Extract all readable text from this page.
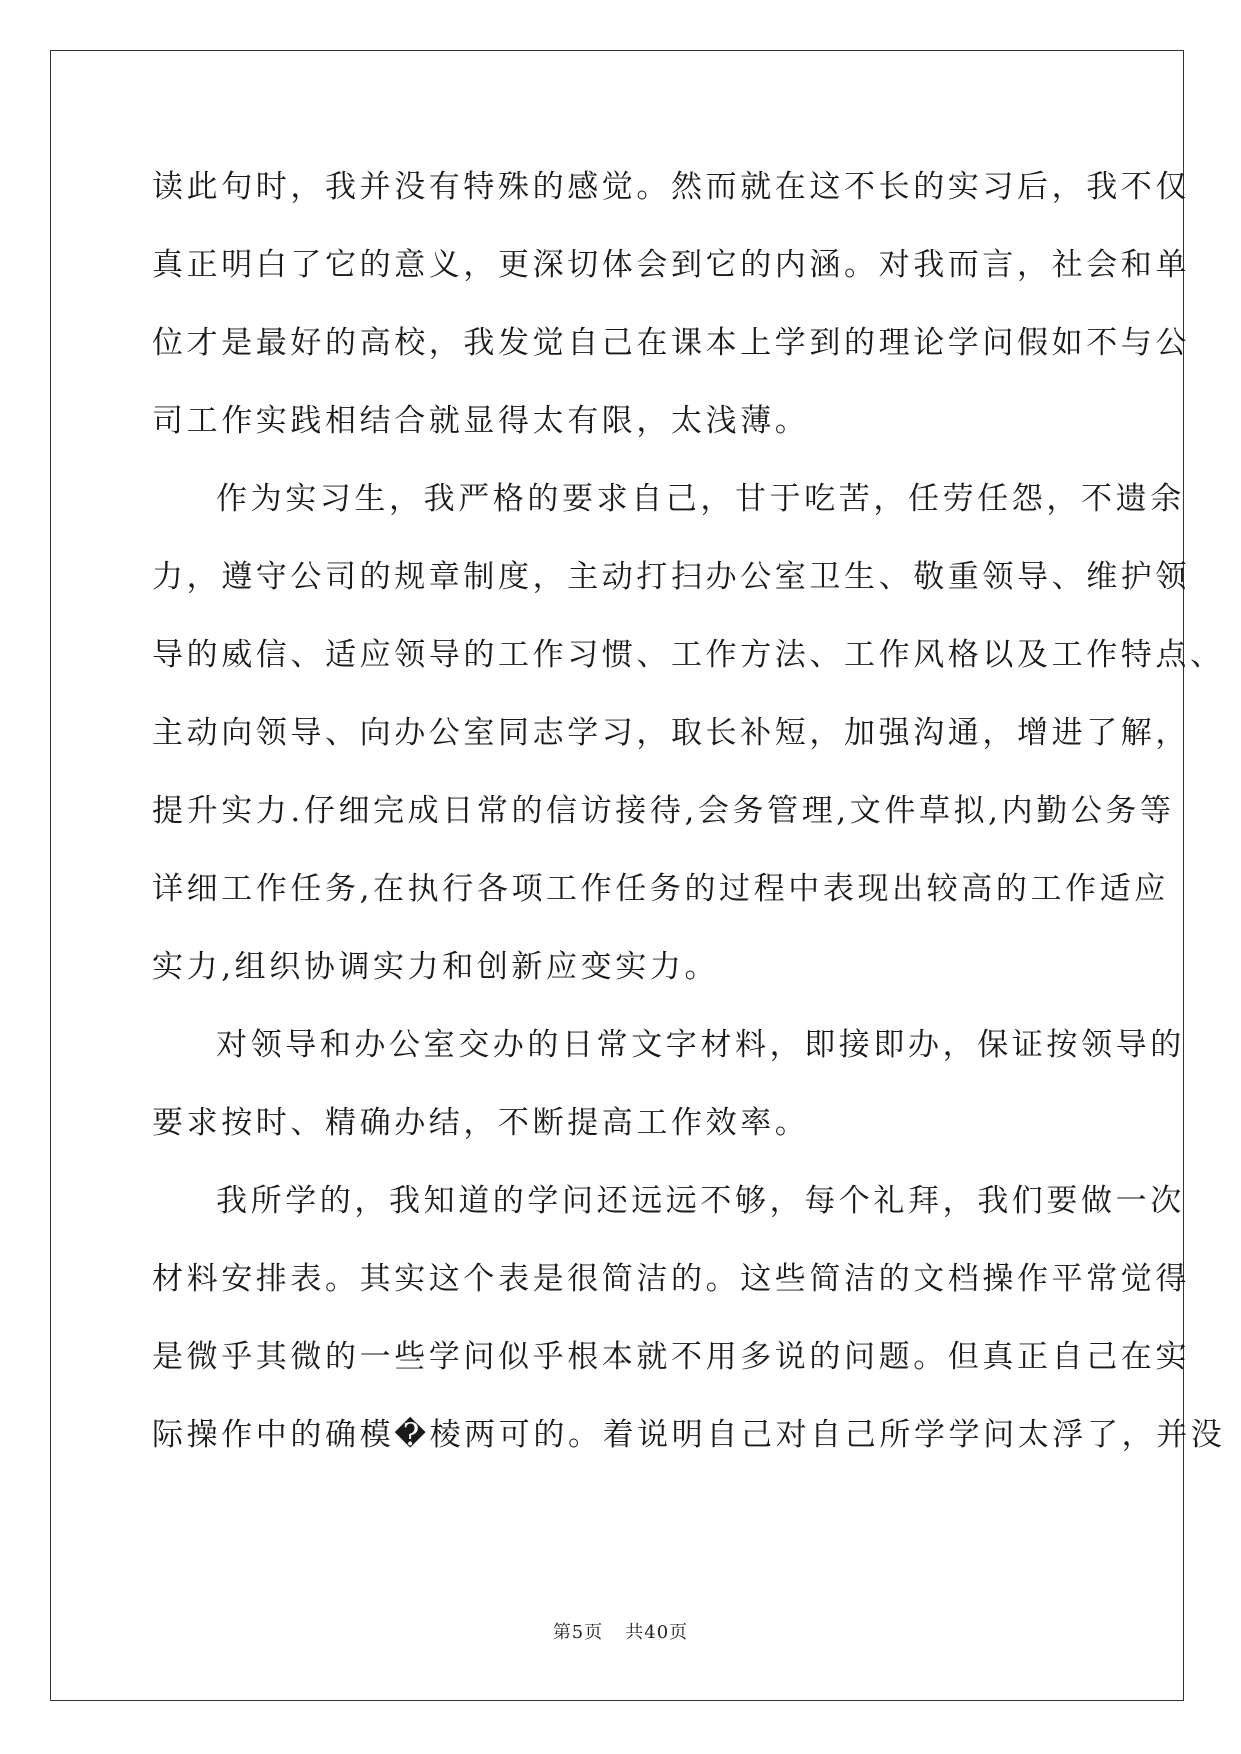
读此句时，我并没有特殊的感觉。然而就在这不长的实习后，我不仅
真正明白了它的意义，更深切体会到它的内涵。对我而言，社会和单
位才是最好的高校，我发觉自己在课本上学到的理论学问假如不与公
司工作实践相结合就显得太有限，太浅薄。
作为实习生，我严格的要求自己，甘于吃苦，任劳任怨，不遗余
力，遵守公司的规章制度，主动打扫办公室卫生、敬重领导、维护领
导的威信、适应领导的工作习惯、工作方法、工作风格以及工作特点、
主动向领导、向办公室同志学习，取长补短，加强沟通，增进了解，
提升实力.仔细完成日常的信访接待,会务管理,文件草拟,内勤公务等
详细工作任务,在执行各项工作任务的过程中表现出较高的工作适应
实力,组织协调实力和创新应变实力。
对领导和办公室交办的日常文字材料，即接即办，保证按领导的
要求按时、精确办结，不断提高工作效率。
我所学的，我知道的学问还远远不够，每个礼拜，我们要做一次
材料安排表。其实这个表是很简洁的。这些简洁的文档操作平常觉得
是微乎其微的一些学问似乎根本就不用多说的问题。但真正自己在实
际操作中的确模�棱两可的。着说明自己对自己所学学问太浮了，并没
第5页 共40页
